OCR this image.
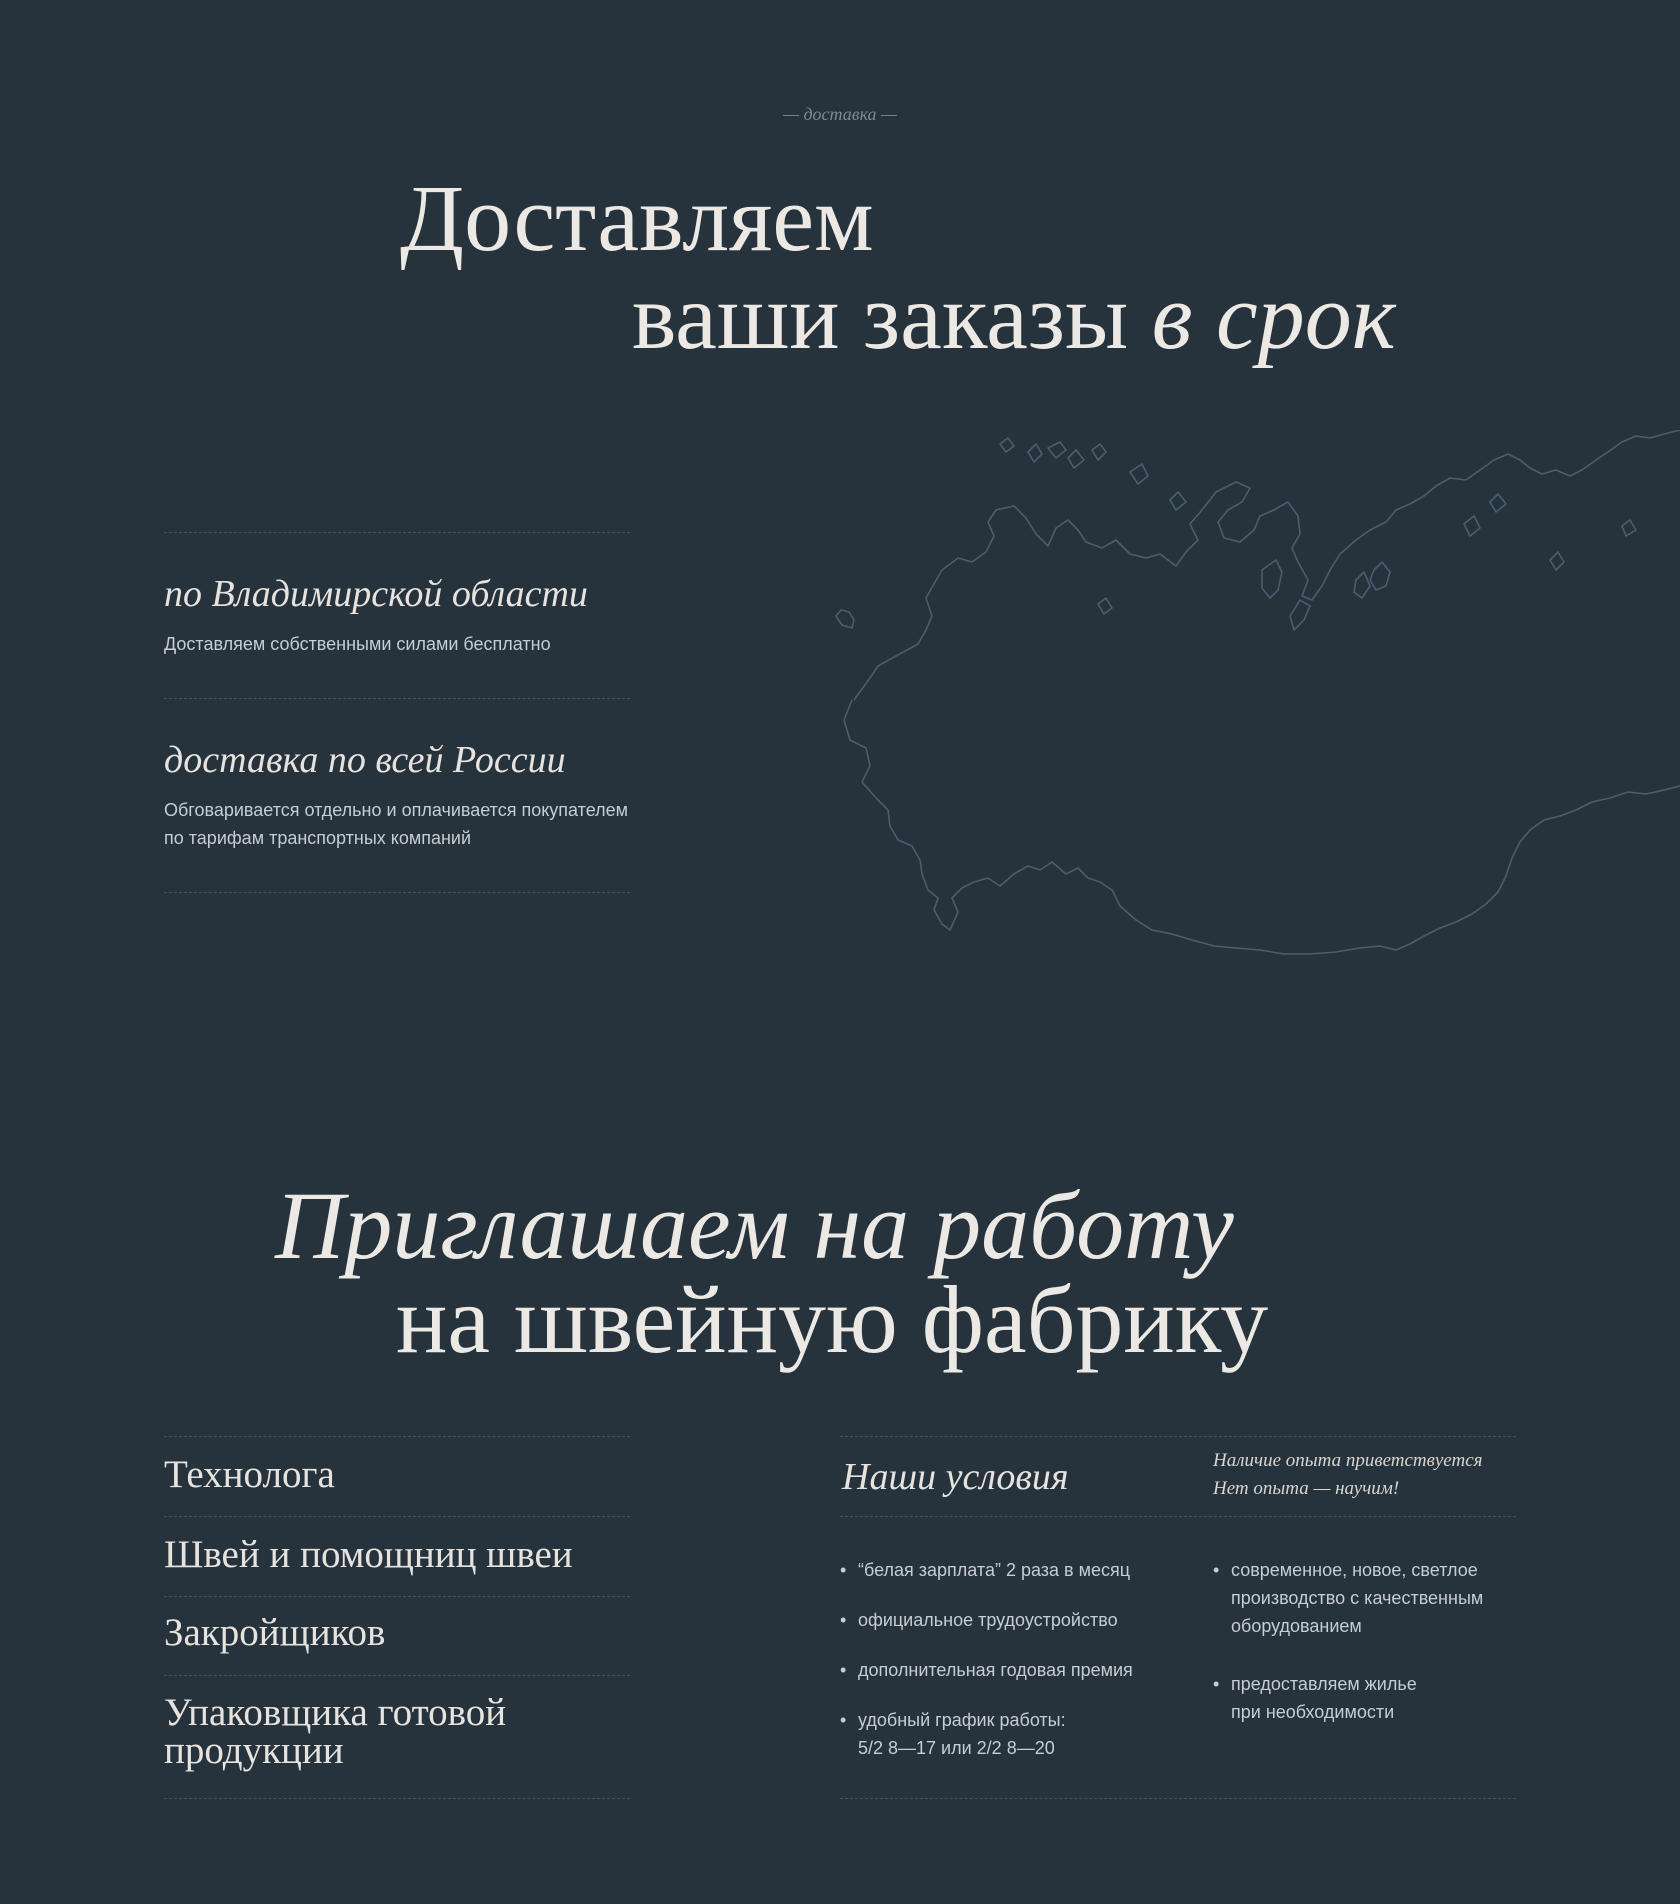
— доставка —
Доставляем
ваши заказы в срок
по Владимирской области
Доставляем собственными силами бесплатно
доставка по всей России
Обговаривается отдельно и оплачивается покупателем по тарифам транспортных компаний
Приглашаем на работу
на швейную фабрику
Технолога
Швей и помощниц швеи
Закройщиков
Упаковщика готовой продукции
Наши условия	Наличие опыта приветствуется
Нет опыта — научим!
• “белая зарплата” 2 раза в месяц
• официальное трудоустройство
• дополнительная годовая премия
• удобный график работы: 5/2 8—17 или 2/2 8—20
• современное, новое, светлое производство с качественным оборудованием
• предоставляем жилье при необходимости
